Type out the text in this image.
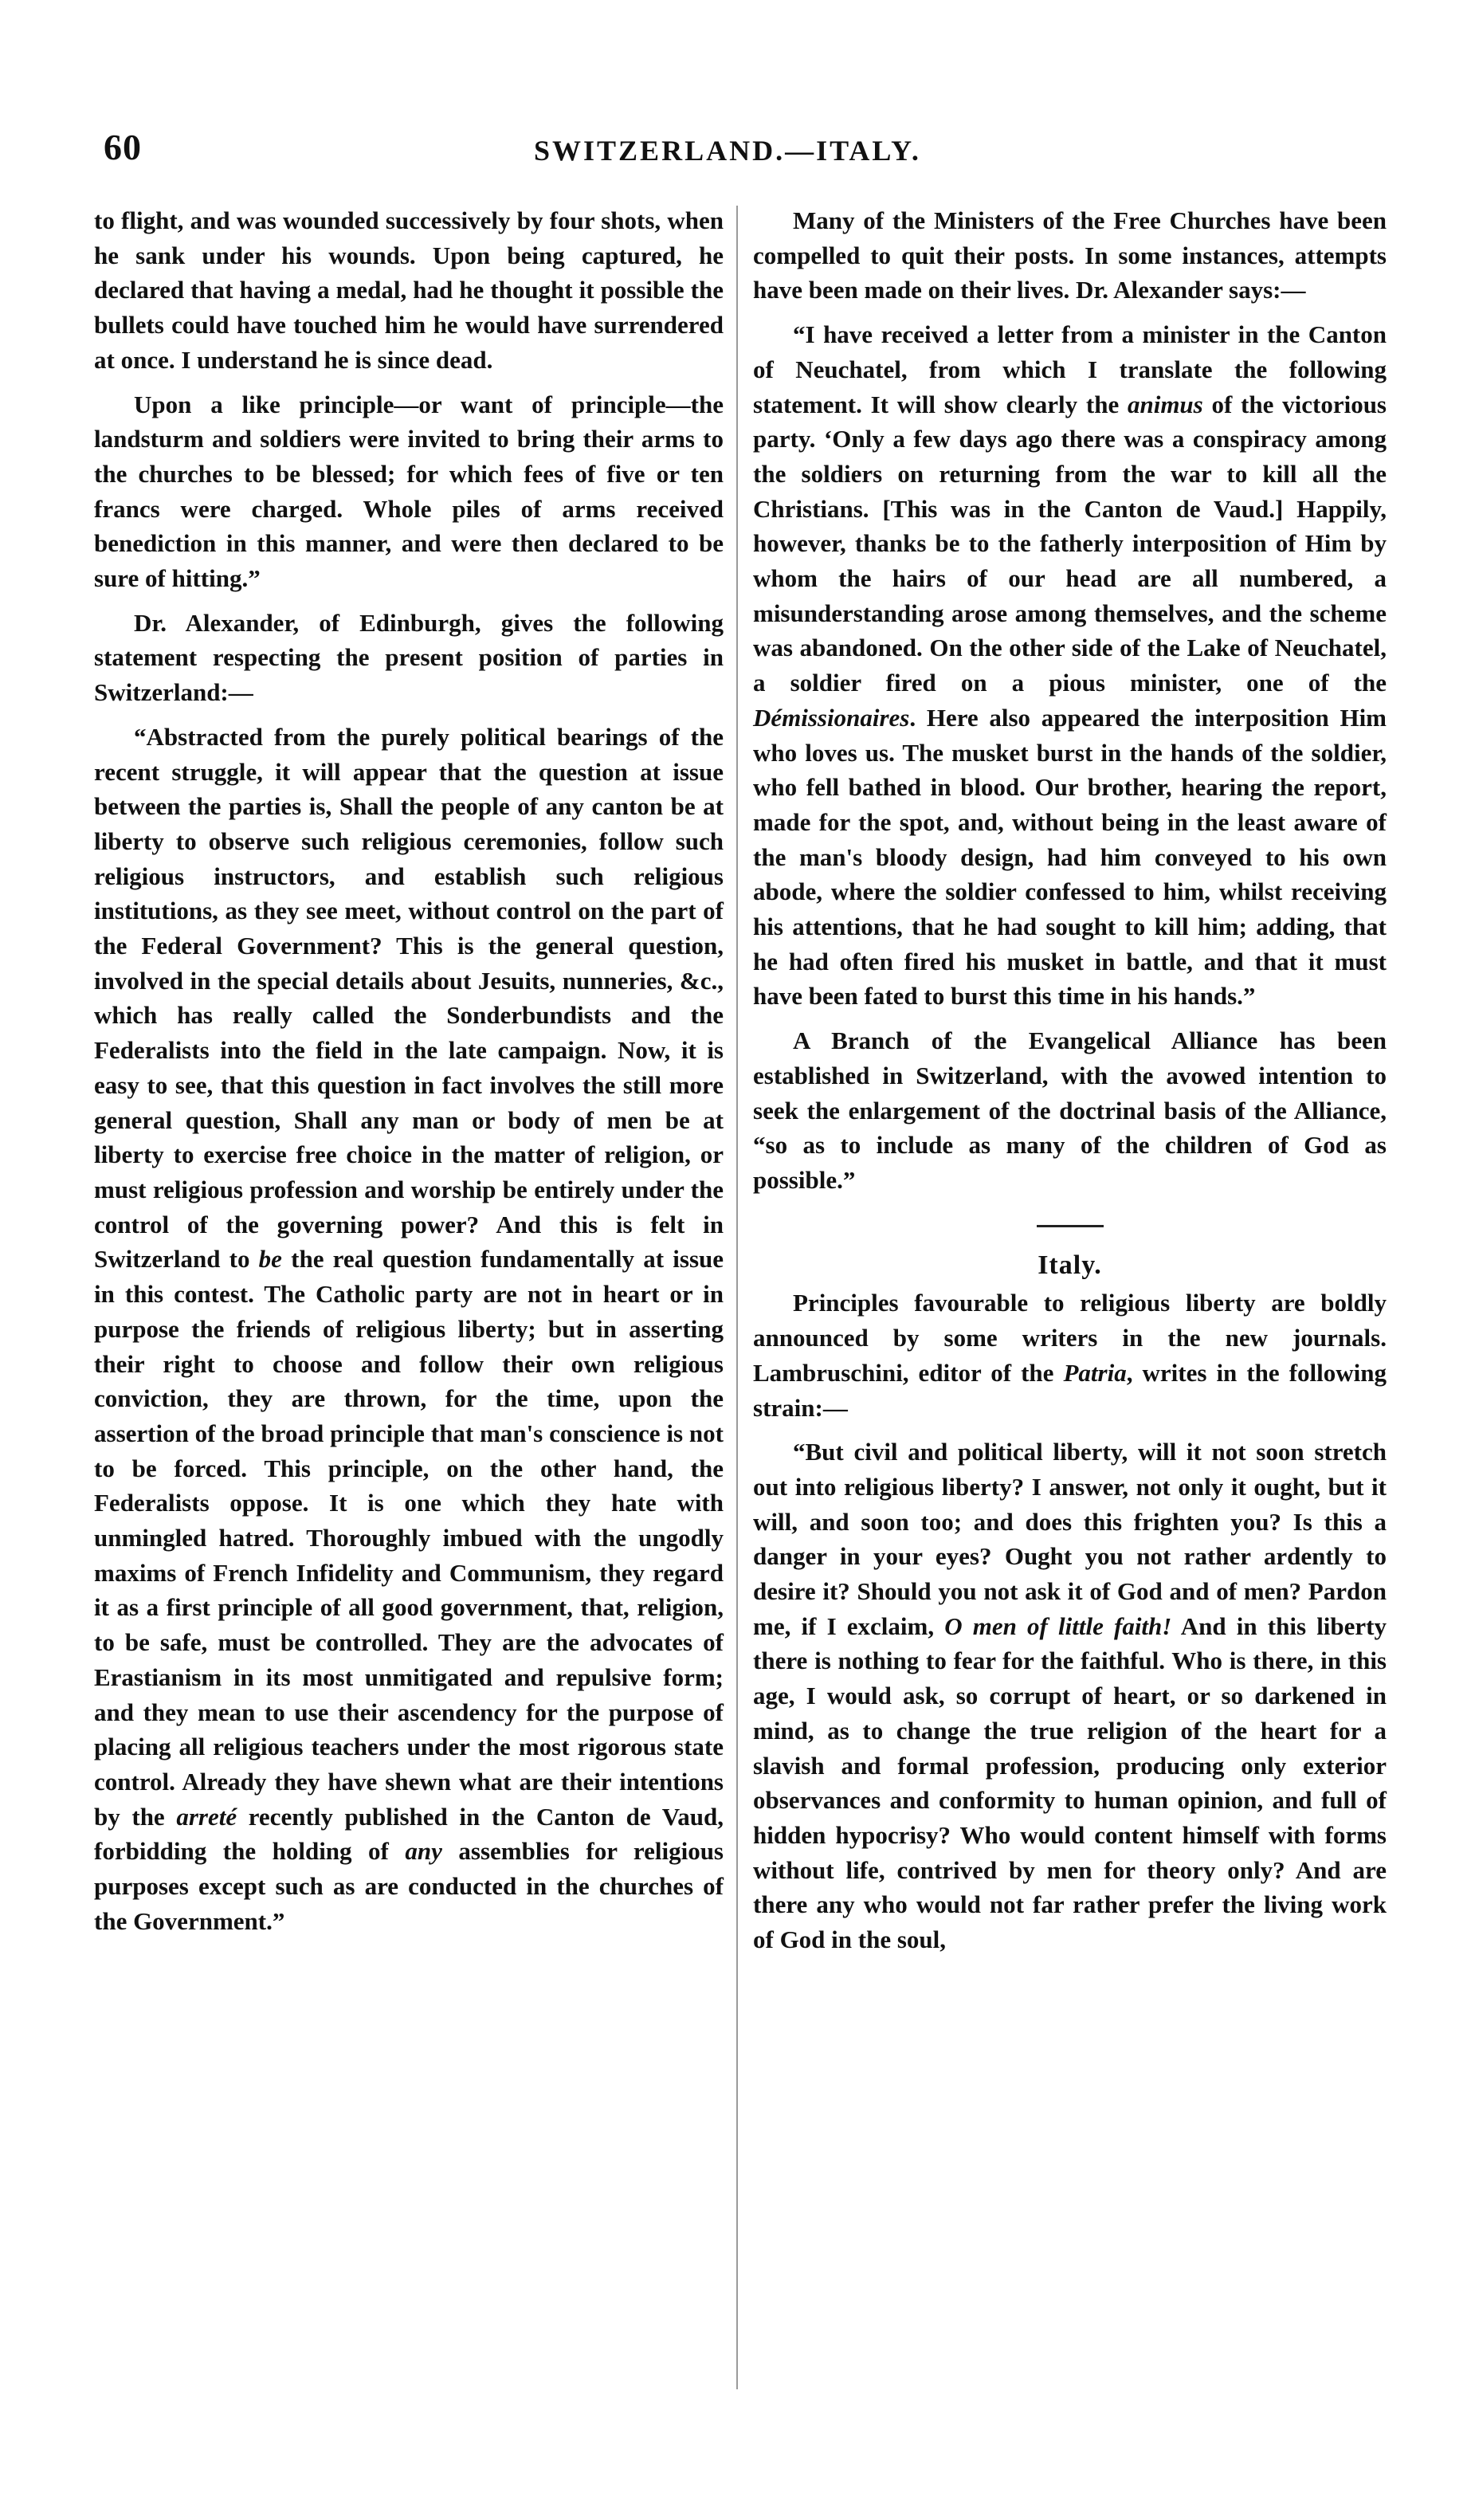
60	SWITZERLAND.—ITALY.

to flight, and was wounded successively by four shots, when he sank under his wounds. Upon being captured, he declared that having a medal, had he thought it possible the bullets could have touched him he would have surrendered at once. I understand he is since dead.

Upon a like principle—or want of principle—the landsturm and soldiers were invited to bring their arms to the churches to be blessed; for which fees of five or ten francs were charged. Whole piles of arms received benediction in this manner, and were then declared to be sure of hitting.”

Dr. Alexander, of Edinburgh, gives the following statement respecting the present position of parties in Switzerland:—

“Abstracted from the purely political bearings of the recent struggle, it will appear that the question at issue between the parties is, Shall the people of any canton be at liberty to observe such religious ceremonies, follow such religious instructors, and establish such religious institutions, as they see meet, without control on the part of the Federal Government? This is the general question, involved in the special details about Jesuits, nunneries, &c., which has really called the Sonderbundists and the Federalists into the field in the late campaign. Now, it is easy to see, that this question in fact involves the still more general question, Shall any man or body of men be at liberty to exercise free choice in the matter of religion, or must religious profession and worship be entirely under the control of the governing power? And this is felt in Switzerland to be the real question fundamentally at issue in this contest. The Catholic party are not in heart or in purpose the friends of religious liberty; but in asserting their right to choose and follow their own religious conviction, they are thrown, for the time, upon the assertion of the broad principle that man's conscience is not to be forced. This principle, on the other hand, the Federalists oppose. It is one which they hate with unmingled hatred. Thoroughly imbued with the ungodly maxims of French Infidelity and Communism, they regard it as a first principle of all good government, that, religion, to be safe, must be controlled. They are the advocates of Erastianism in its most unmitigated and repulsive form; and they mean to use their ascendency for the purpose of placing all religious teachers under the most rigorous state control. Already they have shewn what are their intentions by the arreté recently published in the Canton de Vaud, forbidding the holding of any assemblies for religious purposes except such as are conducted in the churches of the Government.”

Many of the Ministers of the Free Churches have been compelled to quit their posts. In some instances, attempts have been made on their lives. Dr. Alexander says:—

“I have received a letter from a minister in the Canton of Neuchatel, from which I translate the following statement. It will show clearly the animus of the victorious party. ‘Only a few days ago there was a conspiracy among the soldiers on returning from the war to kill all the Christians. [This was in the Canton de Vaud.] Happily, however, thanks be to the fatherly interposition of Him by whom the hairs of our head are all numbered, a misunderstanding arose among themselves, and the scheme was abandoned. On the other side of the Lake of Neuchatel, a soldier fired on a pious minister, one of the Démissionaires. Here also appeared the interposition Him who loves us. The musket burst in the hands of the soldier, who fell bathed in blood. Our brother, hearing the report, made for the spot, and, without being in the least aware of the man's bloody design, had him conveyed to his own abode, where the soldier confessed to him, whilst receiving his attentions, that he had sought to kill him; adding, that he had often fired his musket in battle, and that it must have been fated to burst this time in his hands.”

A Branch of the Evangelical Alliance has been established in Switzerland, with the avowed intention to seek the enlargement of the doctrinal basis of the Alliance, “so as to include as many of the children of God as possible.”

Italy.

Principles favourable to religious liberty are boldly announced by some writers in the new journals. Lambruschini, editor of the Patria, writes in the following strain:—

“But civil and political liberty, will it not soon stretch out into religious liberty? I answer, not only it ought, but it will, and soon too; and does this frighten you? Is this a danger in your eyes? Ought you not rather ardently to desire it? Should you not ask it of God and of men? Pardon me, if I exclaim, O men of little faith! And in this liberty there is nothing to fear for the faithful. Who is there, in this age, I would ask, so corrupt of heart, or so darkened in mind, as to change the true religion of the heart for a slavish and formal profession, producing only exterior observances and conformity to human opinion, and full of hidden hypocrisy? Who would content himself with forms without life, contrived by men for theory only? And are there any who would not far rather prefer the living work of God in the soul,
